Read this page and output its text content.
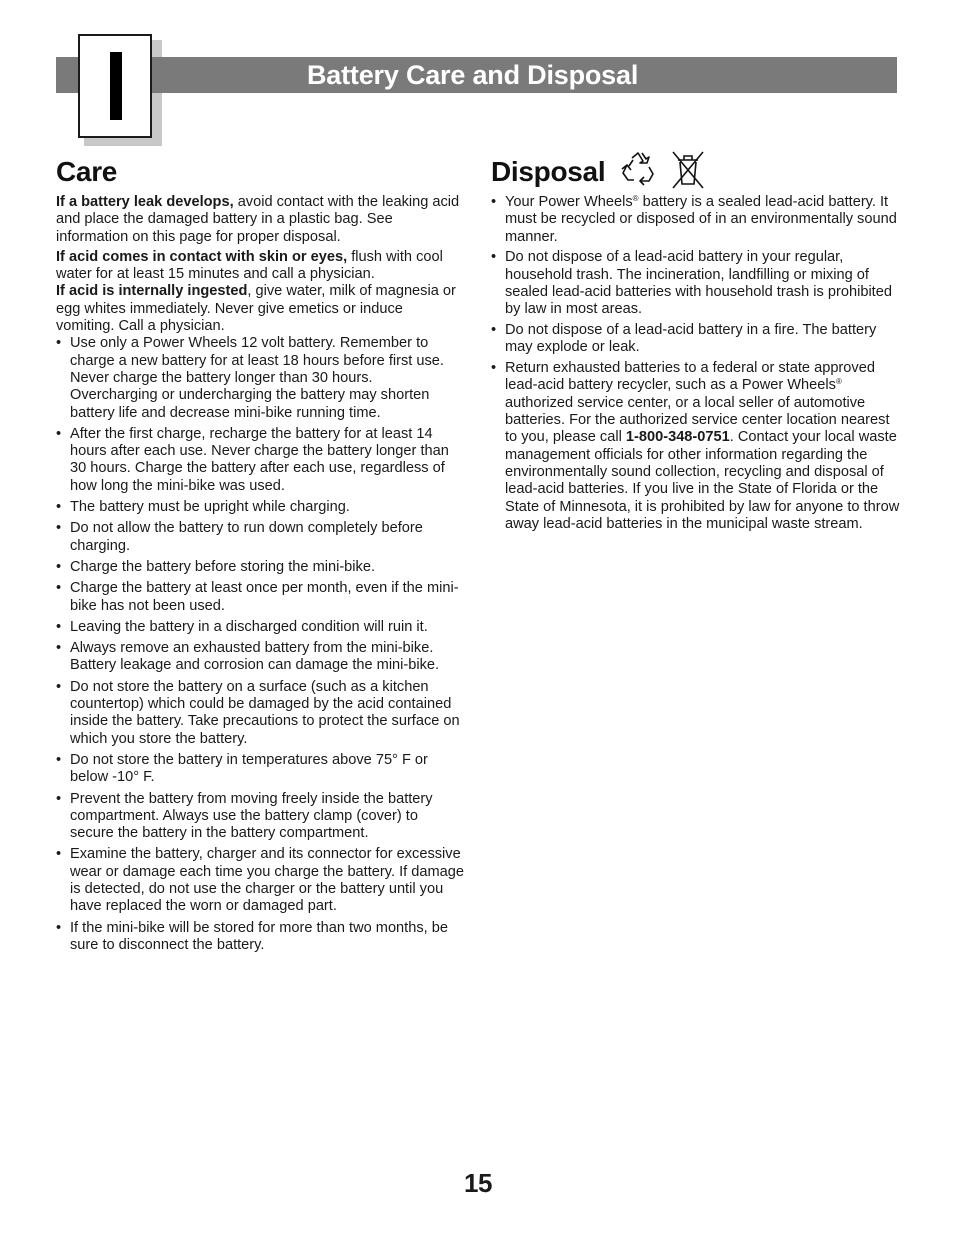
Battery Care and Disposal
Care

If a battery leak develops, avoid contact with the leaking acid and place the damaged battery in a plastic bag. See information on this page for proper disposal.

If acid comes in contact with skin or eyes, flush with cool water for at least 15 minutes and call a physician.

If acid is internally ingested, give water, milk of magnesia or egg whites immediately. Never give emetics or induce vomiting. Call a physician.

• Use only a Power Wheels 12 volt battery. Remember to charge a new battery for at least 18 hours before first use. Never charge the battery longer than 30 hours. Overcharging or undercharging the battery may shorten battery life and decrease mini-bike running time.
• After the first charge, recharge the battery for at least 14 hours after each use. Never charge the battery longer than 30 hours. Charge the battery after each use, regardless of how long the mini-bike was used.
• The battery must be upright while charging.
• Do not allow the battery to run down completely before charging.
• Charge the battery before storing the mini-bike.
• Charge the battery at least once per month, even if the mini-bike has not been used.
• Leaving the battery in a discharged condition will ruin it.
• Always remove an exhausted battery from the mini-bike. Battery leakage and corrosion can damage the mini-bike.
• Do not store the battery on a surface (such as a kitchen countertop) which could be damaged by the acid contained inside the battery. Take precautions to protect the surface on which you store the battery.
• Do not store the battery in temperatures above 75° F or below -10° F.
• Prevent the battery from moving freely inside the battery compartment. Always use the battery clamp (cover) to secure the battery in the battery compartment.
• Examine the battery, charger and its connector for excessive wear or damage each time you charge the battery. If damage is detected, do not use the charger or the battery until you have replaced the worn or damaged part.
• If the mini-bike will be stored for more than two months, be sure to disconnect the battery.
Disposal
• Your Power Wheels® battery is a sealed lead-acid battery. It must be recycled or disposed of in an environmentally sound manner.
• Do not dispose of a lead-acid battery in your regular, household trash. The incineration, landfilling or mixing of sealed lead-acid batteries with household trash is prohibited by law in most areas.
• Do not dispose of a lead-acid battery in a fire. The battery may explode or leak.
• Return exhausted batteries to a federal or state approved lead-acid battery recycler, such as a Power Wheels® authorized service center, or a local seller of automotive batteries. For the authorized service center location nearest to you, please call 1-800-348-0751. Contact your local waste management officials for other information regarding the environmentally sound collection, recycling and disposal of lead-acid batteries. If you live in the State of Florida or the State of Minnesota, it is prohibited by law for anyone to throw away lead-acid batteries in the municipal waste stream.
15
